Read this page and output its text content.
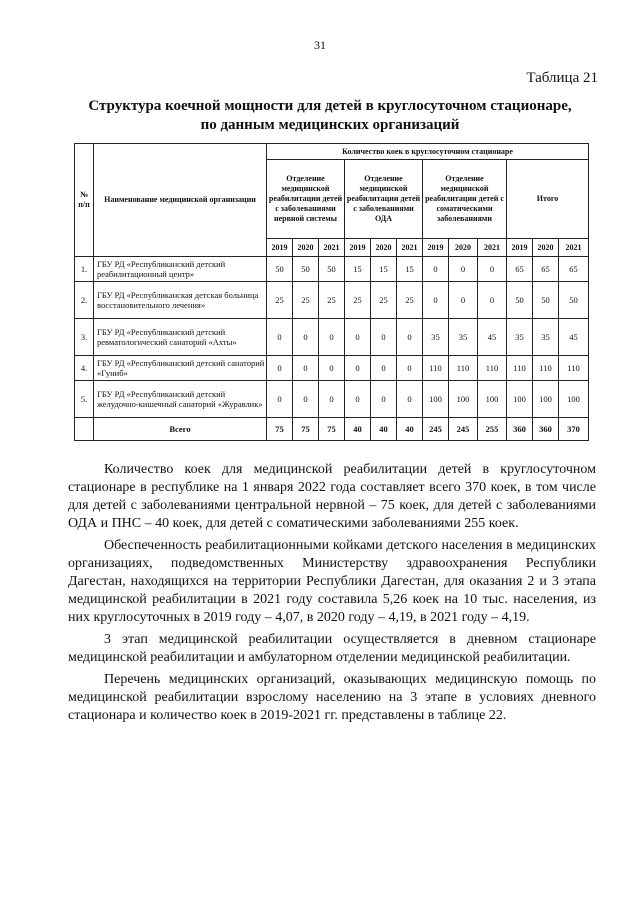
31
Таблица 21
Структура коечной мощности для детей в круглосуточном стационаре,
по данным медицинских организаций
№ п/п	Наименование медицинской организации	Количество коек в круглосуточном стационаре											
		Отделение медицинской реабилитации детей с заболеваниями нервной системы			Отделение медицинской реабилитации детей с заболеваниями ОДА			Отделение медицинской реабилитации детей с соматическими заболеваниями			Итого		
		2019	2020	2021	2019	2020	2021	2019	2020	2021	2019	2020	2021
1.	ГБУ РД «Республиканский детский реабилитационный центр»	50	50	50	15	15	15	0	0	0	65	65	65
2.	ГБУ РД «Республиканская детская больница восстановительного лечения»	25	25	25	25	25	25	0	0	0	50	50	50
3.	ГБУ РД «Республиканский детский ревматологический санаторий «Ахты»	0	0	0	0	0	0	35	35	45	35	35	45
4.	ГБУ РД «Республиканский детский санаторий «Гуниб»	0	0	0	0	0	0	110	110	110	110	110	110
5.	ГБУ РД «Республиканский детский желудочно-кишечный санаторий «Журавлик»	0	0	0	0	0	0	100	100	100	100	100	100
	Всего	75	75	75	40	40	40	245	245	255	360	360	370

Количество коек для медицинской реабилитации детей в круглосуточном стационаре в республике на 1 января 2022 года составляет всего 370 коек, в том числе для детей с заболеваниями центральной нервной – 75 коек, для детей с заболеваниями ОДА и ПНС – 40 коек, для детей с соматическими заболеваниями 255 коек.

Обеспеченность реабилитационными койками детского населения в медицинских организациях, подведомственных Министерству здравоохранения Республики Дагестан, находящихся на территории Республики Дагестан, для оказания 2 и 3 этапа медицинской реабилитации в 2021 году составила 5,26 коек на 10 тыс. населения, из них круглосуточных в 2019 году – 4,07, в 2020 году – 4,19, в 2021 году – 4,19.

3 этап медицинской реабилитации осуществляется в дневном стационаре медицинской реабилитации и амбулаторном отделении медицинской реабилитации.

Перечень медицинских организаций, оказывающих медицинскую помощь по медицинской реабилитации взрослому населению на 3 этапе в условиях дневного стационара и количество коек в 2019-2021 гг. представлены в таблице 22.
